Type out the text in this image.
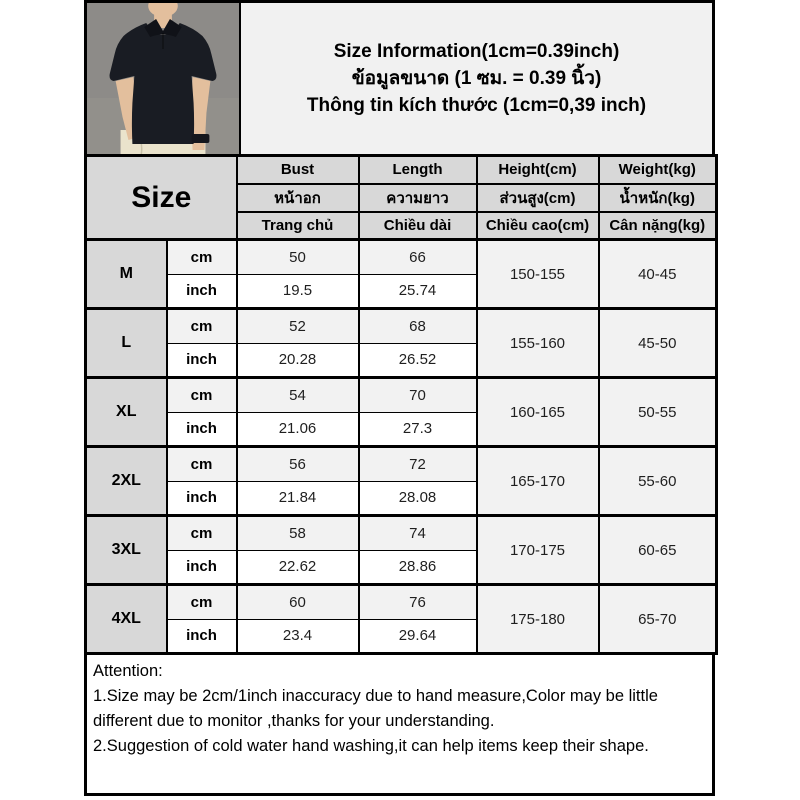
Size Information(1cm=0.39inch)
ข้อมูลขนาด (1 ซม. = 0.39 นิ้ว)
Thông tin kích thước (1cm=0,39 inch)
Size		Bust	Length	Height(cm)	Weight(kg)
		หน้าอก	ความยาว	ส่วนสูง(cm)	น้ำหนัก(kg)
		Trang chủ	Chiều dài	Chiều cao(cm)	Cân nặng(kg)
M	cm	50	66	150-155	40-45
	inch	19.5	25.74		
L	cm	52	68	155-160	45-50
	inch	20.28	26.52		
XL	cm	54	70	160-165	50-55
	inch	21.06	27.3		
2XL	cm	56	72	165-170	55-60
	inch	21.84	28.08		
3XL	cm	58	74	170-175	60-65
	inch	22.62	28.86		
4XL	cm	60	76	175-180	65-70
	inch	23.4	29.64		
Attention:
1.Size may be 2cm/1inch inaccuracy due to hand measure,Color may be little different due to monitor ,thanks for your understanding.
2.Suggestion of cold water hand washing,it can help items keep their shape.
